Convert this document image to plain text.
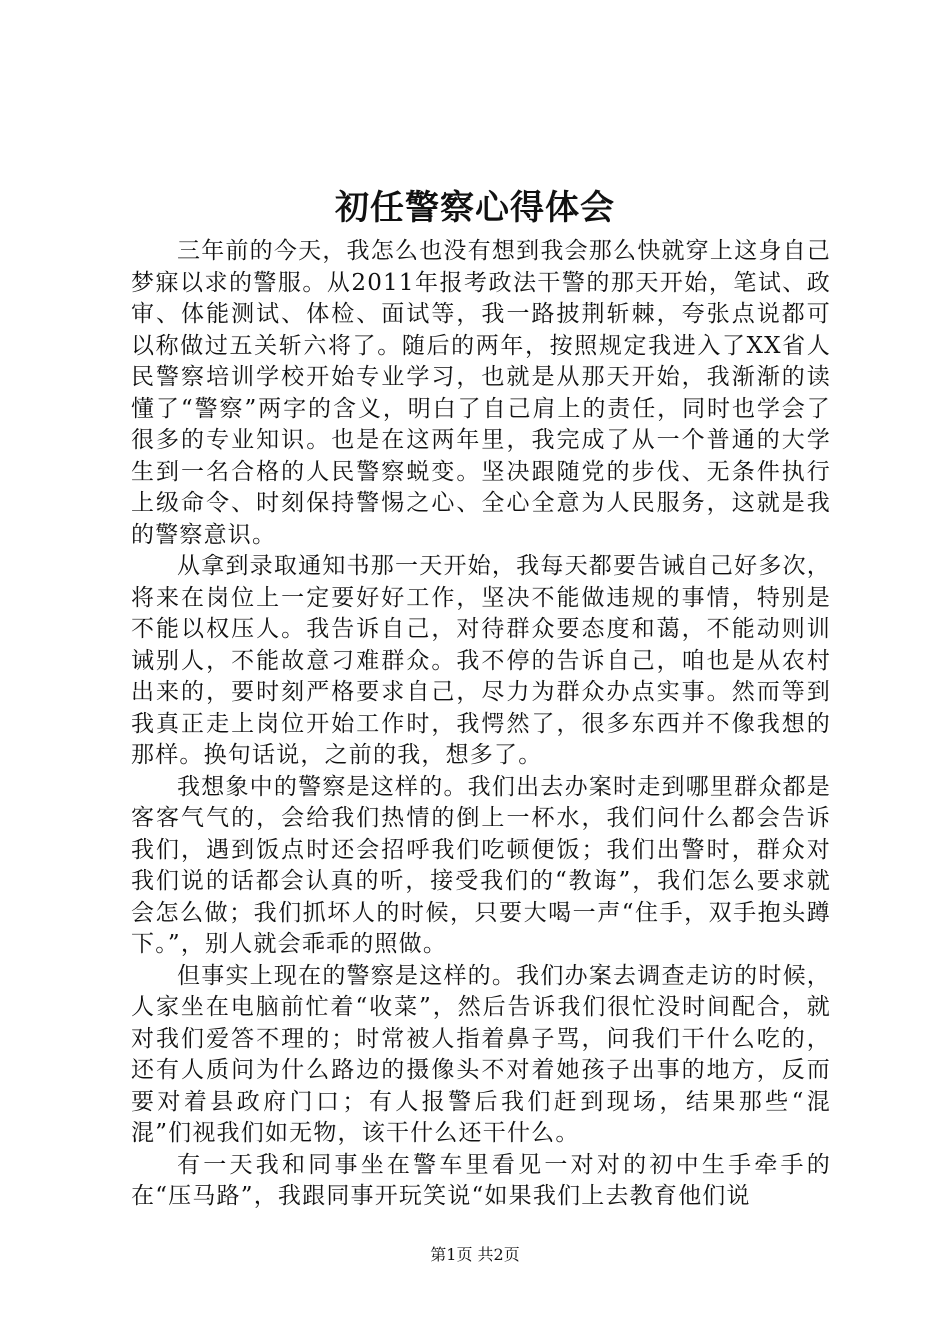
初任警察心得体会

三年前的今天，我怎么也没有想到我会那么快就穿上这身自己梦寐以求的警服。从2011年报考政法干警的那天开始，笔试、政审、体能测试、体检、面试等，我一路披荆斩棘，夸张点说都可以称做过五关斩六将了。随后的两年，按照规定我进入了XX省人民警察培训学校开始专业学习，也就是从那天开始，我渐渐的读懂了“警察”两字的含义，明白了自己肩上的责任，同时也学会了很多的专业知识。也是在这两年里，我完成了从一个普通的大学生到一名合格的人民警察蜕变。坚决跟随党的步伐、无条件执行上级命令、时刻保持警惕之心、全心全意为人民服务，这就是我的警察意识。

从拿到录取通知书那一天开始，我每天都要告诫自己好多次，将来在岗位上一定要好好工作，坚决不能做违规的事情，特别是不能以权压人。我告诉自己，对待群众要态度和蔼，不能动则训诫别人，不能故意刁难群众。我不停的告诉自己，咱也是从农村出来的，要时刻严格要求自己，尽力为群众办点实事。然而等到我真正走上岗位开始工作时，我愕然了，很多东西并不像我想的那样。换句话说，之前的我，想多了。

我想象中的警察是这样的。我们出去办案时走到哪里群众都是客客气气的，会给我们热情的倒上一杯水，我们问什么都会告诉我们，遇到饭点时还会招呼我们吃顿便饭；我们出警时，群众对我们说的话都会认真的听，接受我们的“教诲”，我们怎么要求就会怎么做；我们抓坏人的时候，只要大喝一声“住手，双手抱头蹲下。”，别人就会乖乖的照做。

但事实上现在的警察是这样的。我们办案去调查走访的时候，人家坐在电脑前忙着“收菜”，然后告诉我们很忙没时间配合，就对我们爱答不理的；时常被人指着鼻子骂，问我们干什么吃的，还有人质问为什么路边的摄像头不对着她孩子出事的地方，反而要对着县政府门口；有人报警后我们赶到现场，结果那些“混混”们视我们如无物，该干什么还干什么。

有一天我和同事坐在警车里看见一对对的初中生手牵手的在“压马路”，我跟同事开玩笑说“如果我们上去教育他们说

第1页 共2页
